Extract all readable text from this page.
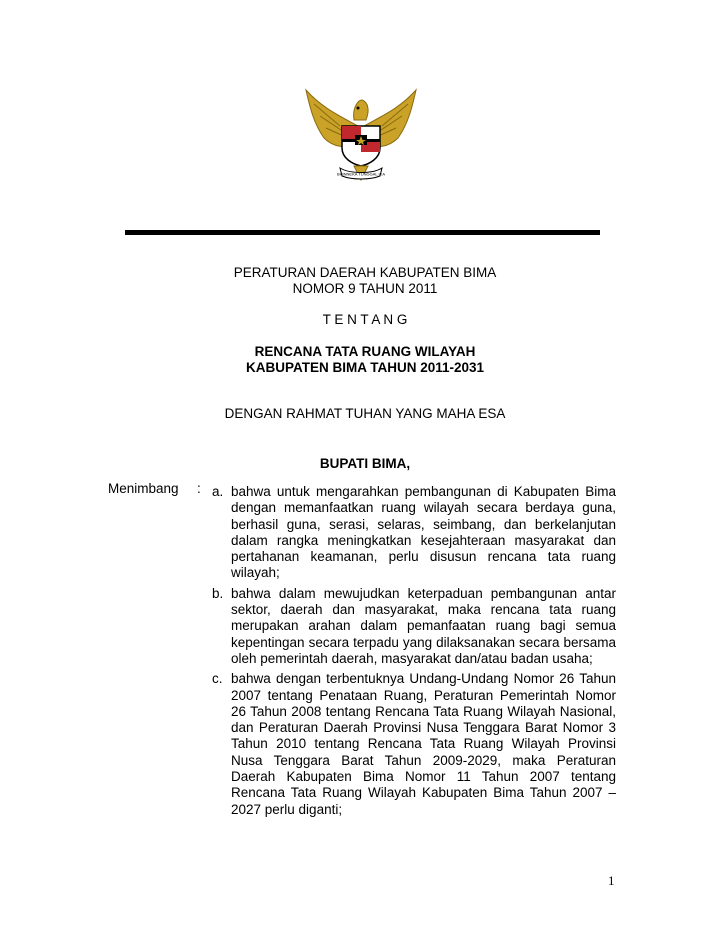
BHINNEKA TUNGGAL IKA
PERATURAN DAERAH KABUPATEN BIMA
NOMOR 9 TAHUN 2011
T E N T A N G
RENCANA TATA RUANG WILAYAH
KABUPATEN BIMA TAHUN 2011-2031
DENGAN RAHMAT TUHAN YANG MAHA ESA
BUPATI BIMA,
Menimbang : a. bahwa untuk mengarahkan pembangunan di Kabupaten Bima dengan memanfaatkan ruang wilayah secara berdaya guna, berhasil guna, serasi, selaras, seimbang, dan berkelanjutan dalam rangka meningkatkan kesejahteraan masyarakat dan pertahanan keamanan, perlu disusun rencana tata ruang wilayah;
b. bahwa dalam mewujudkan keterpaduan pembangunan antar sektor, daerah dan masyarakat, maka rencana tata ruang merupakan arahan dalam pemanfaatan ruang bagi semua kepentingan secara terpadu yang dilaksanakan secara bersama oleh pemerintah daerah, masyarakat dan/atau badan usaha;
c. bahwa dengan terbentuknya Undang-Undang Nomor 26 Tahun 2007 tentang Penataan Ruang, Peraturan Pemerintah Nomor 26 Tahun 2008 tentang Rencana Tata Ruang Wilayah Nasional, dan Peraturan Daerah Provinsi Nusa Tenggara Barat Nomor 3 Tahun 2010 tentang Rencana Tata Ruang Wilayah Provinsi Nusa Tenggara Barat Tahun 2009-2029, maka Peraturan Daerah Kabupaten Bima Nomor 11 Tahun 2007 tentang Rencana Tata Ruang Wilayah Kabupaten Bima Tahun 2007 – 2027 perlu diganti;
1
